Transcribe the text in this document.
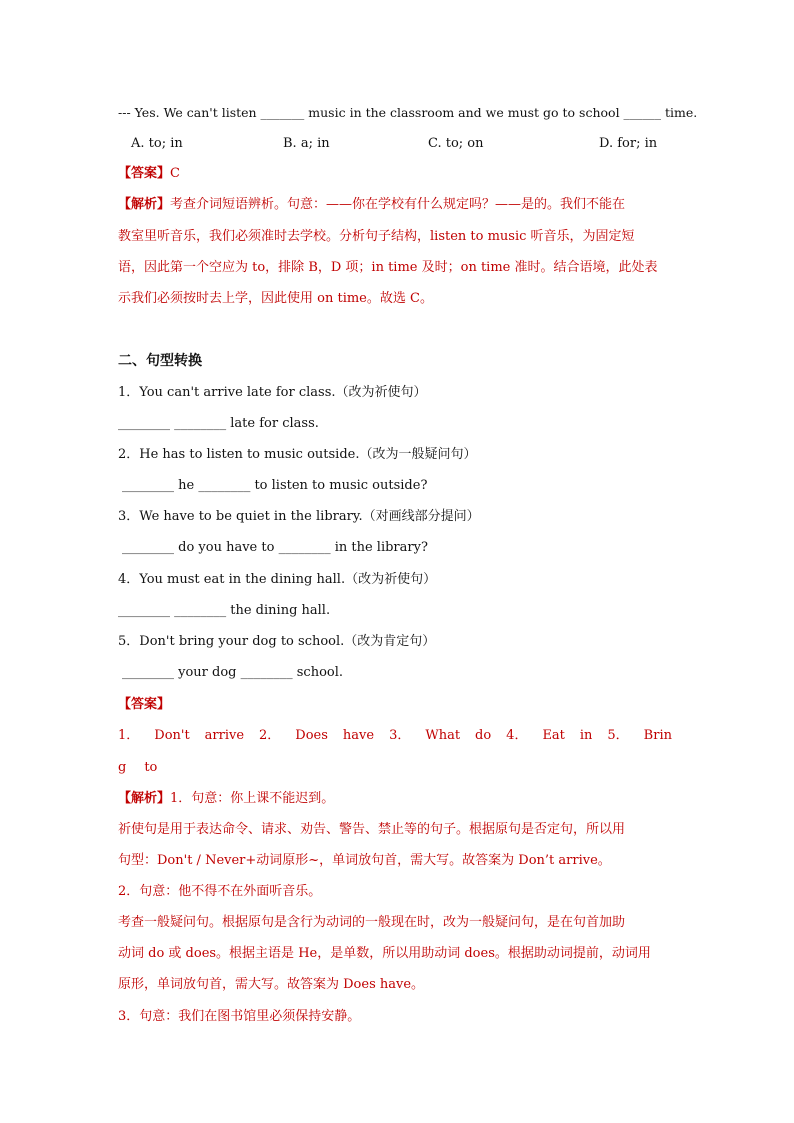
--- Yes. We can't listen _______ music in the classroom and we must go to school ______ time.
A. to; in	B. a; in	C. to; on	D. for; in
【答案】C
【解析】考查介词短语辨析。句意：——你在学校有什么规定吗？——是的。我们不能在
教室里听音乐，我们必须准时去学校。分析句子结构，listen to music 听音乐，为固定短
语，因此第一个空应为 to，排除 B，D 项；in time 及时；on time 准时。结合语境，此处表
示我们必须按时去上学，因此使用 on time。故选 C。
二、句型转换
1．You can't arrive late for class.（改为祈使句）
________ ________ late for class.
2．He has to listen to music outside.（改为一般疑问句）
________ he ________ to listen to music outside?
3．We have to be quiet in the library.（对画线部分提问）
________ do you have to ________ in the library?
4．You must eat in the dining hall.（改为祈使句）
________ ________ the dining hall.
5．Don't bring your dog to school.（改为肯定句）
________ your dog ________ school.
【答案】
1． Don't arrive 2． Does have 3． What do 4． Eat in 5． Brin
g to
【解析】1．句意：你上课不能迟到。
祈使句是用于表达命令、请求、劝告、警告、禁止等的句子。根据原句是否定句，所以用
句型：Don't / Never+动词原形~，单词放句首，需大写。故答案为 Don’t arrive。
2．句意：他不得不在外面听音乐。
考查一般疑问句。根据原句是含行为动词的一般现在时，改为一般疑问句，是在句首加助
动词 do 或 does。根据主语是 He，是单数，所以用助动词 does。根据助动词提前，动词用
原形，单词放句首，需大写。故答案为 Does have。
3．句意：我们在图书馆里必须保持安静。
